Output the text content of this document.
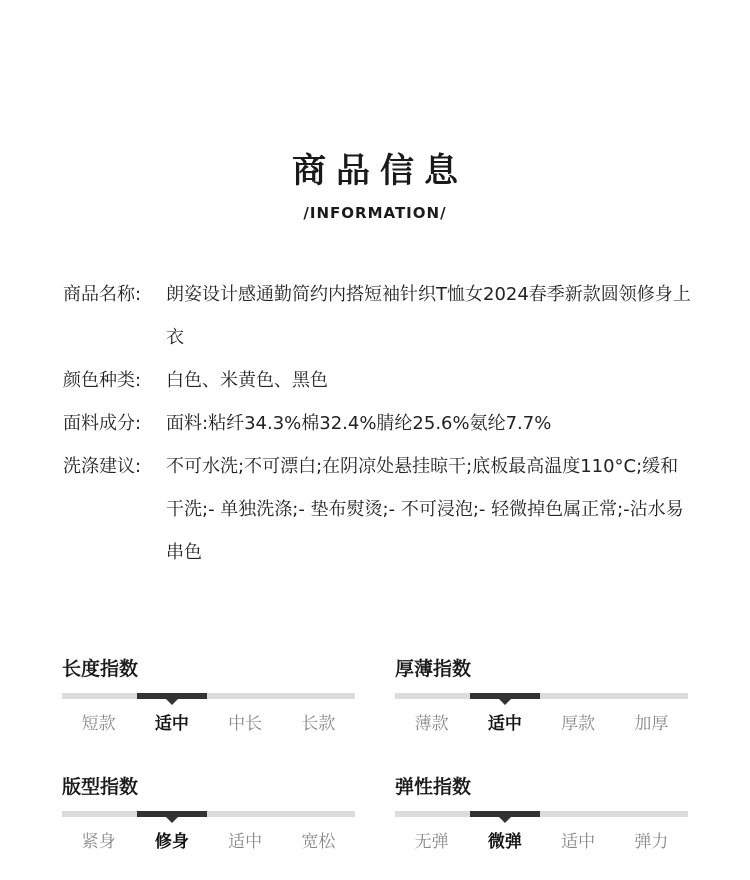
商品信息
/INFORMATION/
商品名称:	朗姿设计感通勤简约内搭短袖针织T恤女2024春季新款圆领修身上衣
颜色种类:	白色、米黄色、黑色
面料成分:	面料:粘纤34.3%棉32.4%腈纶25.6%氨纶7.7%
洗涤建议:	不可水洗;不可漂白;在阴凉处悬挂晾干;底板最高温度110°C;缓和干洗;- 单独洗涤;- 垫布熨烫;- 不可浸泡;- 轻微掉色属正常;-沾水易串色
长度指数
短款	适中	中长	长款
厚薄指数
薄款	适中	厚款	加厚
版型指数
紧身	修身	适中	宽松
弹性指数
无弹	微弹	适中	弹力
